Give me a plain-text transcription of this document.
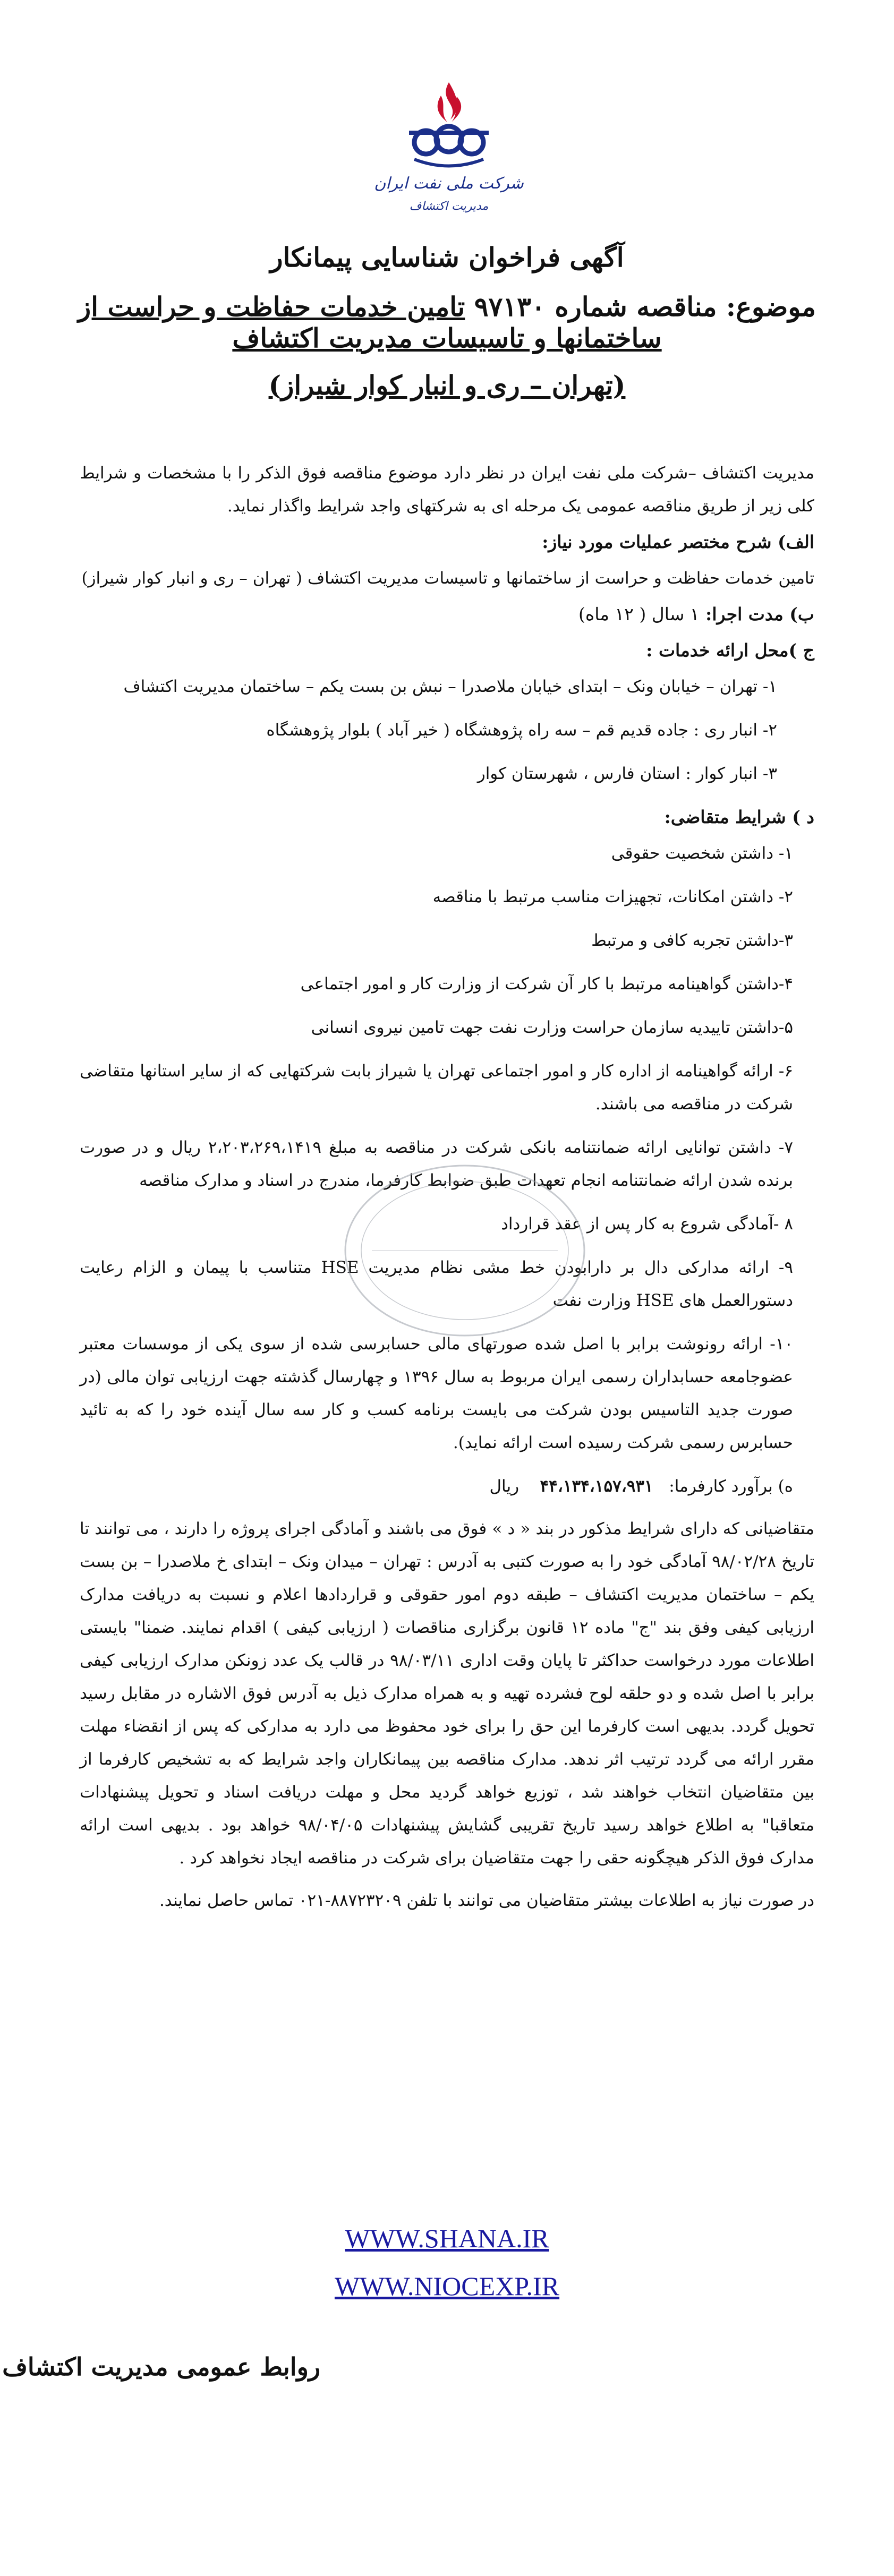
شرکت ملی نفت ایران
مدیریت اکتشاف

آگهی فراخوان شناسایی پیمانکار

موضوع: مناقصه شماره ۹۷۱۳۰ تامین خدمات حفاظت و حراست از ساختمانها و تاسیسات مدیریت اکتشاف

(تهران – ری و انبار کوار شیراز)

مدیریت اکتشاف –شرکت ملی نفت ایران در نظر دارد موضوع مناقصه فوق الذکر را با مشخصات و شرایط کلی زیر از طریق مناقصه عمومی یک مرحله ای به شرکتهای واجد شرایط واگذار نماید.

الف) شرح مختصر عملیات مورد نیاز:

تامین خدمات حفاظت و حراست از ساختمانها و تاسیسات مدیریت اکتشاف ( تهران – ری و انبار کوار شیراز)

ب) مدت اجرا: ۱ سال ( ۱۲ ماه)

ج )محل ارائه خدمات :

۱- تهران – خیابان ونک – ابتدای خیابان ملاصدرا – نبش بن بست یکم – ساختمان مدیریت اکتشاف

۲- انبار ری : جاده قدیم قم – سه راه پژوهشگاه ( خیر آباد ) بلوار پژوهشگاه

۳- انبار کوار : استان فارس ، شهرستان کوار

د ) شرایط متقاضی:

۱- داشتن شخصیت حقوقی

۲- داشتن امکانات، تجهیزات مناسب مرتبط با مناقصه

۳-داشتن تجربه کافی و مرتبط

۴-داشتن گواهینامه مرتبط با کار آن شرکت از وزارت کار و امور اجتماعی

۵-داشتن تاییدیه سازمان حراست وزارت نفت جهت تامین نیروی انسانی

۶- ارائه گواهینامه از اداره کار و امور اجتماعی تهران یا شیراز بابت شرکتهایی که از سایر استانها متقاضی شرکت در مناقصه می باشند.

۷- داشتن توانایی ارائه ضمانتنامه بانکی شرکت در مناقصه به مبلغ ۲،۲۰۳،۲۶۹،۱۴۱۹ ریال و در صورت برنده شدن ارائه ضمانتنامه انجام تعهدات طبق ضوابط کارفرما، مندرج در اسناد و مدارک مناقصه

۸ -آمادگی شروع به کار پس از عقد قرارداد

۹- ارائه مدارکی دال بر دارابودن خط مشی نظام مدیریت HSE متناسب با پیمان و الزام رعایت دستورالعمل های HSE وزارت نفت

۱۰- ارائه رونوشت برابر با اصل شده صورتهای مالی حسابرسی شده از سوی یکی از موسسات معتبر عضوجامعه حسابداران رسمی ایران مربوط به سال ۱۳۹۶ و چهارسال گذشته جهت ارزیابی توان مالی (در صورت جدید التاسیس بودن شرکت می بایست برنامه کسب و کار سه سال آینده خود را که به تائید حسابرس رسمی شرکت رسیده است ارائه نماید).

ه) برآورد کارفرما:   ۴۴،۱۳۴،۱۵۷،۹۳۱    ریال

متقاضیانی که دارای شرایط مذکور در بند « د » فوق می باشند و آمادگی اجرای پروژه را دارند ، می توانند تا تاریخ ۹۸/۰۲/۲۸ آمادگی خود را به صورت کتبی به آدرس : تهران – میدان ونک – ابتدای خ ملاصدرا – بن بست یکم – ساختمان مدیریت اکتشاف – طبقه دوم امور حقوقی و قراردادها اعلام و نسبت به دریافت مدارک ارزیابی کیفی وفق بند "ج" ماده ۱۲ قانون برگزاری مناقصات ( ارزیابی کیفی ) اقدام نمایند. ضمنا" بایستی اطلاعات مورد درخواست حداکثر تا پایان وقت اداری ۹۸/۰۳/۱۱ در قالب یک عدد زونکن مدارک ارزیابی کیفی برابر با اصل شده و دو حلقه لوح فشرده تهیه و به همراه مدارک ذیل به آدرس فوق الاشاره در مقابل رسید تحویل گردد. بدیهی است کارفرما این حق را برای خود محفوظ می دارد به مدارکی که پس از انقضاء مهلت مقرر ارائه می گردد ترتیب اثر ندهد. مدارک مناقصه بین پیمانکاران واجد شرایط که به تشخیص کارفرما از بین متقاضیان انتخاب خواهند شد ، توزیع خواهد گردید محل و مهلت دریافت اسناد و تحویل پیشنهادات متعاقبا" به اطلاع خواهد رسید تاریخ تقریبی گشایش پیشنهادات ۹۸/۰۴/۰۵ خواهد بود . بدیهی است ارائه مدارک فوق الذکر هیچگونه حقی را جهت متقاضیان برای شرکت در مناقصه ایجاد نخواهد کرد .

در صورت نیاز به اطلاعات بیشتر متقاضیان می توانند با تلفن ۸۸۷۲۳۲۰۹-۰۲۱ تماس حاصل نمایند.

WWW.SHANA.IR
WWW.NIOCEXP.IR
روابط عمومی مدیریت اکتشاف
